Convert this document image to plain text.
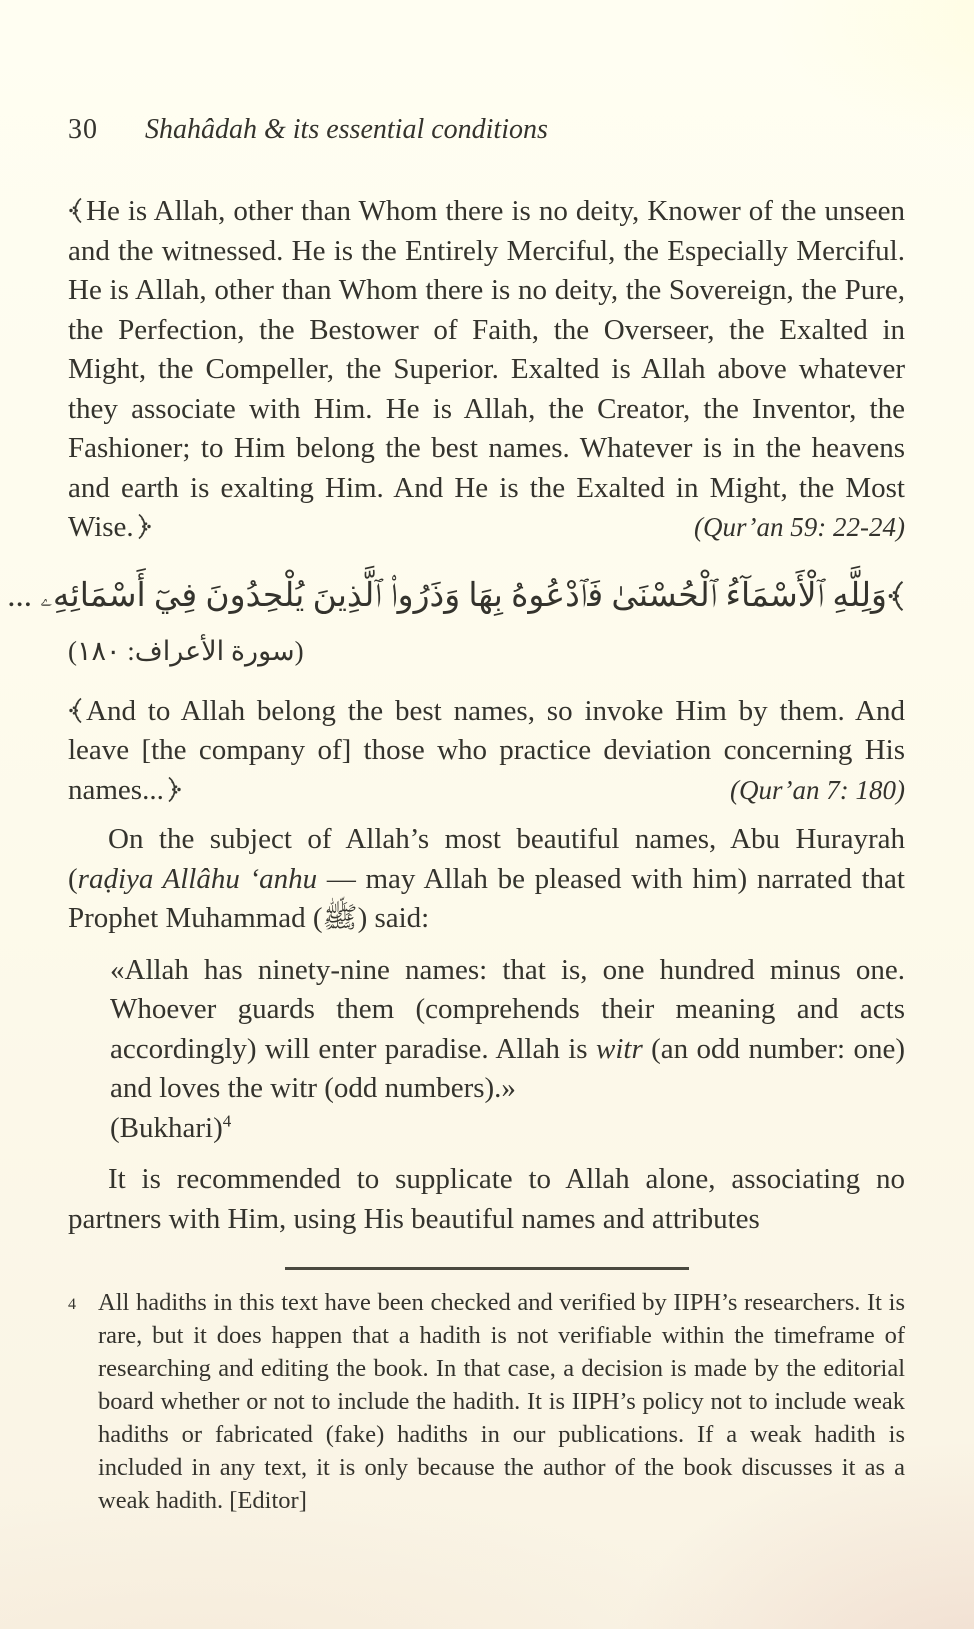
30 Shahâdah & its essential conditions

He is Allah, other than Whom there is no deity, Knower of the unseen and the witnessed. He is the Entirely Merciful, the Especially Merciful. He is Allah, other than Whom there is no deity, the Sovereign, the Pure, the Perfection, the Bestower of Faith, the Overseer, the Exalted in Might, the Compeller, the Superior. Exalted is Allah above whatever they associate with Him. He is Allah, the Creator, the Inventor, the Fashioner; to Him belong the best names. Whatever is in the heavens and earth is exalting Him. And He is the Exalted in Might, the Most Wise.	(Qur’an 59: 22-24)

وَلِلَّهِ ٱلْأَسْمَآءُ ٱلْحُسْنَىٰ فَٱدْعُوهُ بِهَا وَذَرُوا۟ ٱلَّذِينَ يُلْحِدُونَ فِيٓ أَسْمَائِهِۦ ...
(سورة الأعراف: ١٨٠)

And to Allah belong the best names, so invoke Him by them. And leave [the company of] those who practice deviation concerning His names...	(Qur’an 7: 180)

On the subject of Allah’s most beautiful names, Abu Hurayrah (raḍiya Allâhu ‘anhu — may Allah be pleased with him) narrated that Prophet Muhammad (ﷺ) said:

«Allah has ninety-nine names: that is, one hundred minus one. Whoever guards them (comprehends their meaning and acts accordingly) will enter paradise. Allah is witr (an odd number: one) and loves the witr (odd numbers).»

(Bukhari)$^4$

It is recommended to supplicate to Allah alone, associating no partners with Him, using His beautiful names and attributes

4 All hadiths in this text have been checked and verified by IIPH’s researchers. It is rare, but it does happen that a hadith is not verifiable within the timeframe of researching and editing the book. In that case, a decision is made by the editorial board whether or not to include the hadith. It is IIPH’s policy not to include weak hadiths or fabricated (fake) hadiths in our publications. If a weak hadith is included in any text, it is only because the author of the book discusses it as a weak hadith. [Editor]
